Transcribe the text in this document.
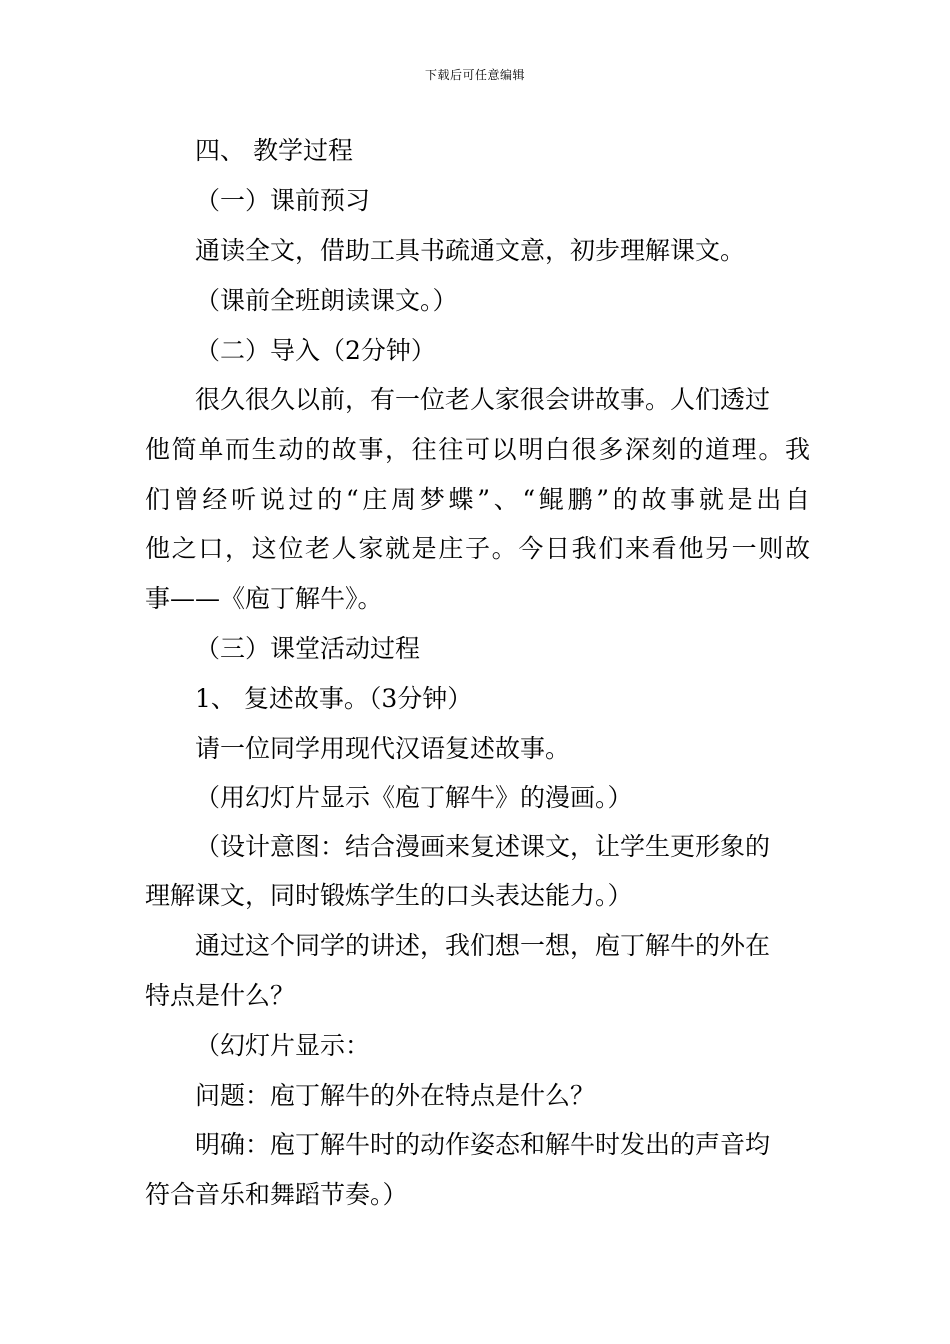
下载后可任意编辑
四、 教学过程
（一）课前预习
通读全文，借助工具书疏通文意，初步理解课文。
（课前全班朗读课文。）
（二）导入（2分钟）
很久很久以前，有一位老人家很会讲故事。人们透过
他简单而生动的故事，往往可以明白很多深刻的道理。我
们曾经听说过的“庄周梦蝶”、“鲲鹏”的故事就是出自
他之口，这位老人家就是庄子。今日我们来看他另一则故
事——《庖丁解牛》。
（三）课堂活动过程
1、 复述故事。（3分钟）
请一位同学用现代汉语复述故事。
（用幻灯片显示《庖丁解牛》的漫画。）
（设计意图：结合漫画来复述课文，让学生更形象的
理解课文，同时锻炼学生的口头表达能力。）
通过这个同学的讲述，我们想一想，庖丁解牛的外在
特点是什么？
（幻灯片显示：
问题：庖丁解牛的外在特点是什么？
明确：庖丁解牛时的动作姿态和解牛时发出的声音均
符合音乐和舞蹈节奏。）
